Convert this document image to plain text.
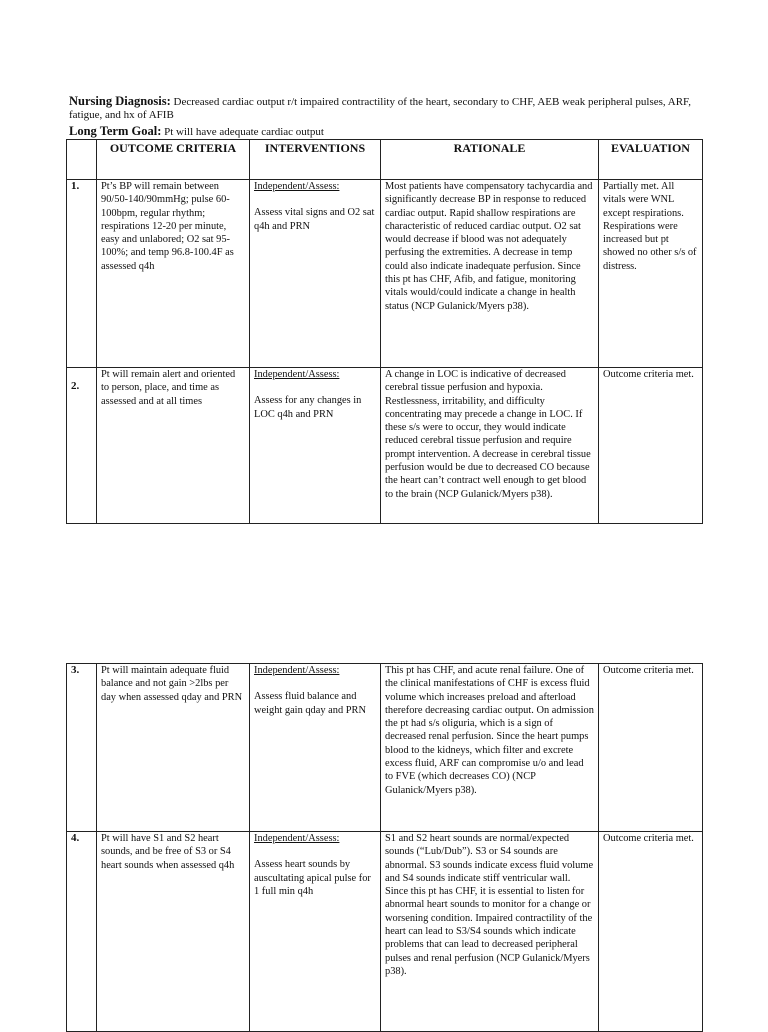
Nursing Diagnosis: Decreased cardiac output r/t impaired contractility of the heart, secondary to CHF, AEB weak peripheral pulses, ARF, fatigue, and hx of AFIB
Long Term Goal: Pt will have adequate cardiac output
	OUTCOME CRITERIA	INTERVENTIONS	RATIONALE	EVALUATION
1.	Pt’s BP will remain between 90/50-140/90mmHg; pulse 60-100bpm, regular rhythm; respirations 12-20 per minute, easy and unlabored; O2 sat 95-100%; and temp 96.8-100.4F as assessed q4h	Independent/Assess:
Assess vital signs and O2 sat q4h and PRN	Most patients have compensatory tachycardia and significantly decrease BP in response to reduced cardiac output. Rapid shallow respirations are characteristic of reduced cardiac output. O2 sat would decrease if blood was not adequately perfusing the extremities. A decrease in temp could also indicate inadequate perfusion. Since this pt has CHF, Afib, and fatigue, monitoring vitals would/could indicate a change in health status (NCP Gulanick/Myers p38).	Partially met. All vitals were WNL except respirations. Respirations were increased but pt showed no other s/s of distress.
2.	Pt will remain alert and oriented to person, place, and time as assessed and at all times	Independent/Assess:
Assess for any changes in LOC q4h and PRN	A change in LOC is indicative of decreased cerebral tissue perfusion and hypoxia. Restlessness, irritability, and difficulty concentrating may precede a change in LOC. If these s/s were to occur, they would indicate reduced cerebral tissue perfusion and require prompt intervention. A decrease in cerebral tissue perfusion would be due to decreased CO because the heart can’t contract well enough to get blood to the brain (NCP Gulanick/Myers p38).	Outcome criteria met.
3.	Pt will maintain adequate fluid balance and not gain >2lbs per day when assessed qday and PRN	Independent/Assess:
Assess fluid balance and weight gain qday and PRN	This pt has CHF, and acute renal failure. One of the clinical manifestations of CHF is excess fluid volume which increases preload and afterload therefore decreasing cardiac output. On admission the pt had s/s oliguria, which is a sign of decreased renal perfusion. Since the heart pumps blood to the kidneys, which filter and excrete excess fluid, ARF can compromise u/o and lead to FVE (which decreases CO) (NCP Gulanick/Myers p38).	Outcome criteria met.
4.	Pt will have S1 and S2 heart sounds, and be free of S3 or S4 heart sounds when assessed q4h	Independent/Assess:
Assess heart sounds by auscultating apical pulse for 1 full min q4h	S1 and S2 heart sounds are normal/expected sounds (“Lub/Dub”). S3 or S4 sounds are abnormal. S3 sounds indicate excess fluid volume and S4 sounds indicate stiff ventricular wall. Since this pt has CHF, it is essential to listen for abnormal heart sounds to monitor for a change or worsening condition. Impaired contractility of the heart can lead to S3/S4 sounds which indicate problems that can lead to decreased peripheral pulses and renal perfusion (NCP Gulanick/Myers p38).	Outcome criteria met.
